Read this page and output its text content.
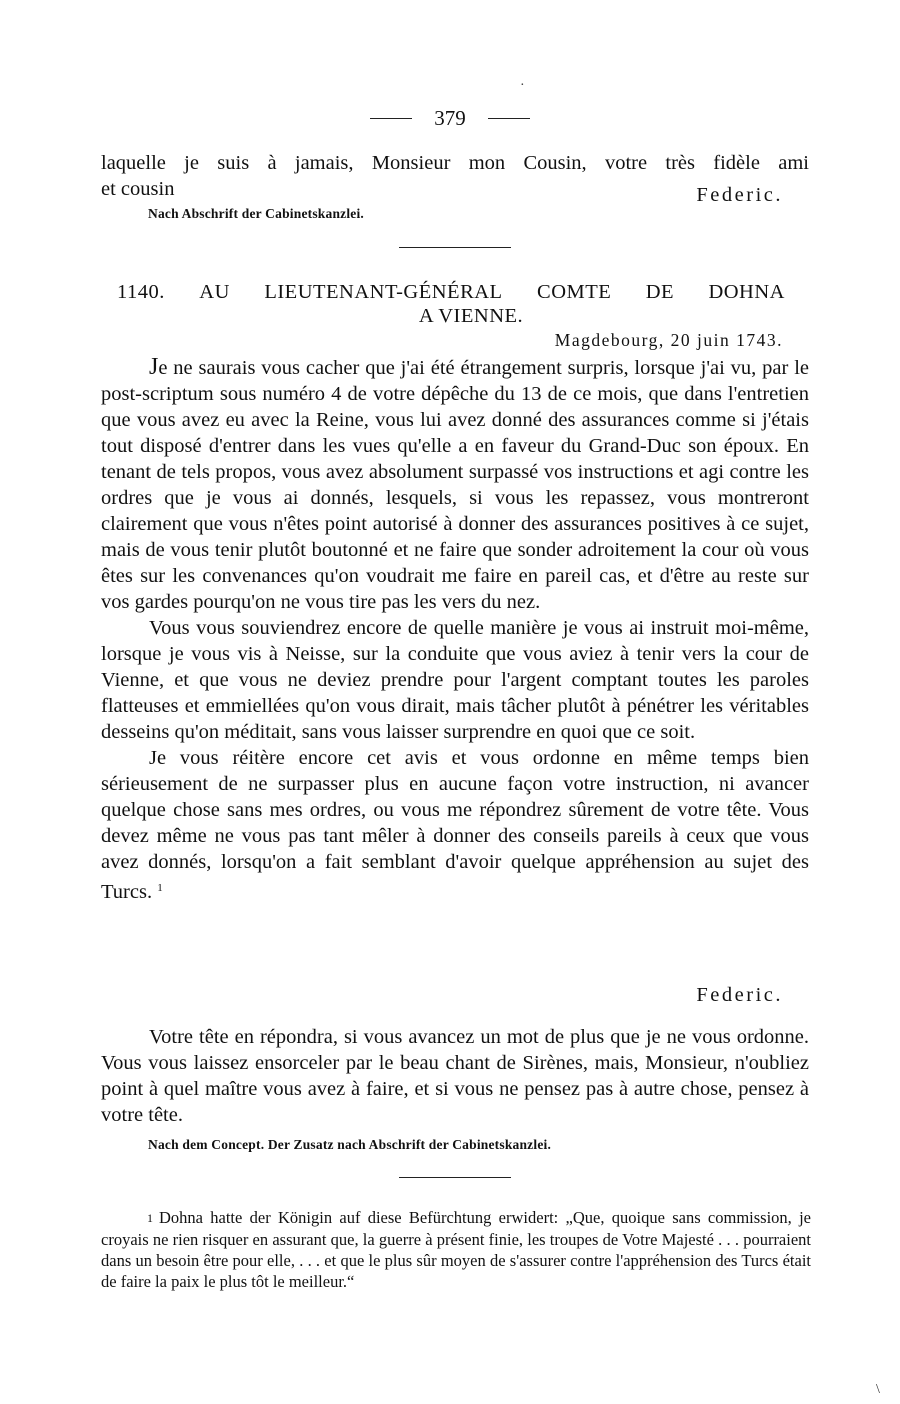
379

laquelle je suis à jamais, Monsieur mon Cousin, votre très fidèle ami

et cousin	Federic.
Nach Abschrift der Cabinetskanzlei.
1140. AU LIEUTENANT-GÉNÉRAL COMTE DE DOHNA
A VIENNE.
Magdebourg, 20 juin 1743.

Je ne saurais vous cacher que j'ai été étrangement surpris, lorsque j'ai vu, par le post-scriptum sous numéro 4 de votre dépêche du 13 de ce mois, que dans l'entretien que vous avez eu avec la Reine, vous lui avez donné des assurances comme si j'étais tout disposé d'entrer dans les vues qu'elle a en faveur du Grand-Duc son époux. En tenant de tels propos, vous avez absolument surpassé vos instructions et agi contre les ordres que je vous ai donnés, lesquels, si vous les repassez, vous montreront clairement que vous n'êtes point autorisé à donner des assurances positives à ce sujet, mais de vous tenir plutôt boutonné et ne faire que sonder adroitement la cour où vous êtes sur les convenances qu'on voudrait me faire en pareil cas, et d'être au reste sur vos gardes pourqu'on ne vous tire pas les vers du nez.

Vous vous souviendrez encore de quelle manière je vous ai instruit moi-même, lorsque je vous vis à Neisse, sur la conduite que vous aviez à tenir vers la cour de Vienne, et que vous ne deviez prendre pour l'argent comptant toutes les paroles flatteuses et emmiellées qu'on vous dirait, mais tâcher plutôt à pénétrer les véritables desseins qu'on méditait, sans vous laisser surprendre en quoi que ce soit.

Je vous réitère encore cet avis et vous ordonne en même temps bien sérieusement de ne surpasser plus en aucune façon votre instruction, ni avancer quelque chose sans mes ordres, ou vous me répondrez sûrement de votre tête. Vous devez même ne vous pas tant mêler à donner des conseils pareils à ceux que vous avez donnés, lorsqu'on a fait semblant d'avoir quelque appréhension au sujet des Turcs. $^1$

Federic.

Votre tête en répondra, si vous avancez un mot de plus que je ne vous ordonne. Vous vous laissez ensorceler par le beau chant de Sirènes, mais, Monsieur, n'oubliez point à quel maître vous avez à faire, et si vous ne pensez pas à autre chose, pensez à votre tête.

Nach dem Concept. Der Zusatz nach Abschrift der Cabinetskanzlei.

1 Dohna hatte der Königin auf diese Befürchtung erwidert: „Que, quoique sans commission, je croyais ne rien risquer en assurant que, la guerre à présent finie, les troupes de Votre Majesté . . . pourraient dans un besoin être pour elle, . . . et que le plus sûr moyen de s'assurer contre l'appréhension des Turcs était de faire la paix le plus tôt le meilleur.“

·
\
